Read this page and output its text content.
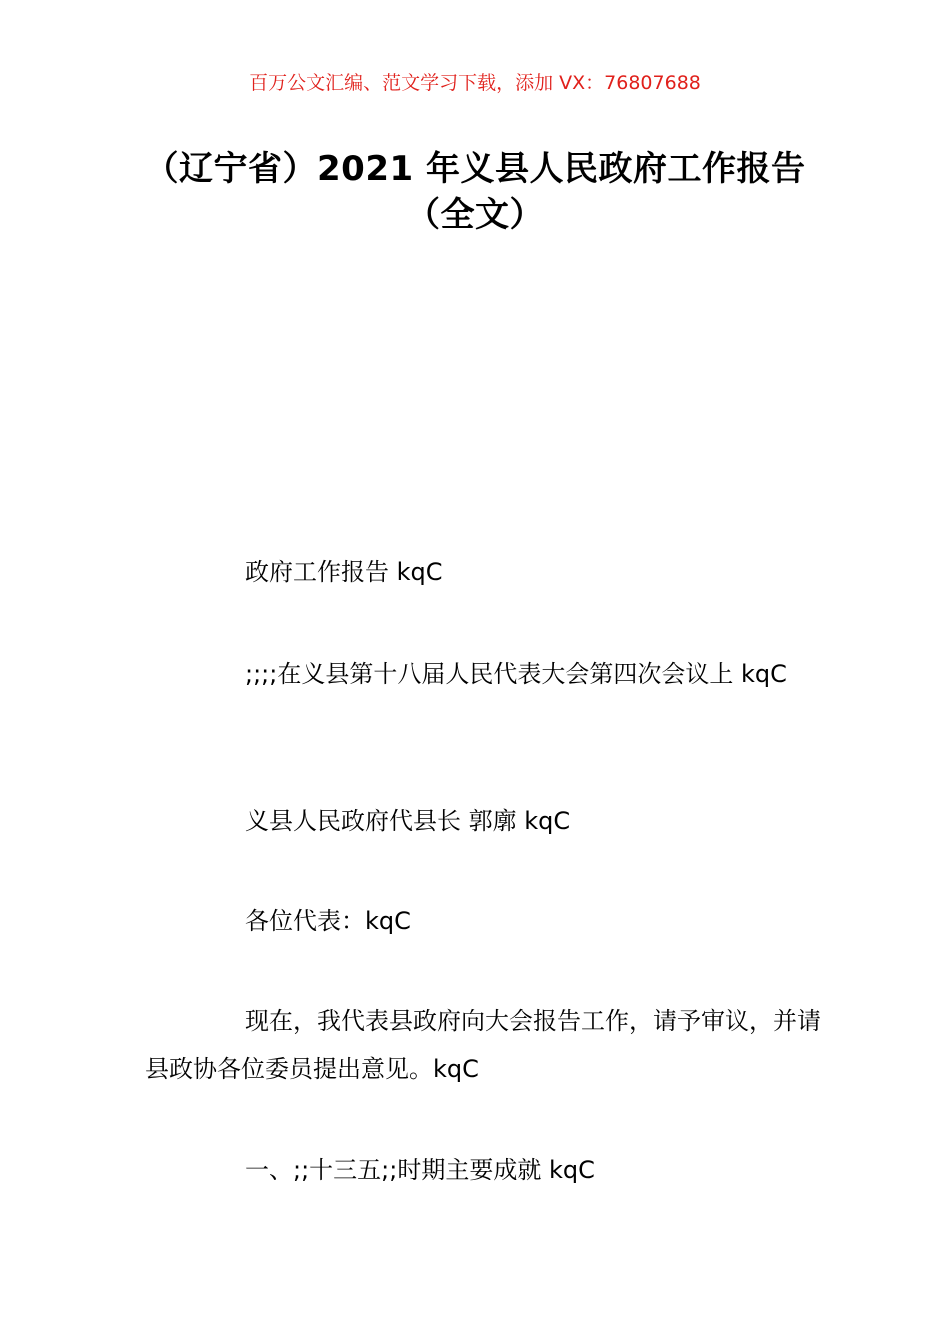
百万公文汇编、范文学习下载，添加 VX：76807688
（辽宁省）2021 年义县人民政府工作报告
（全文）

政府工作报告 kqC

;;;;在义县第十八届人民代表大会第四次会议上 kqC

义县人民政府代县长 郭廓 kqC

各位代表：kqC

现在，我代表县政府向大会报告工作，请予审议，并请县政协各位委员提出意见。kqC

一、;;十三五;;时期主要成就 kqC
